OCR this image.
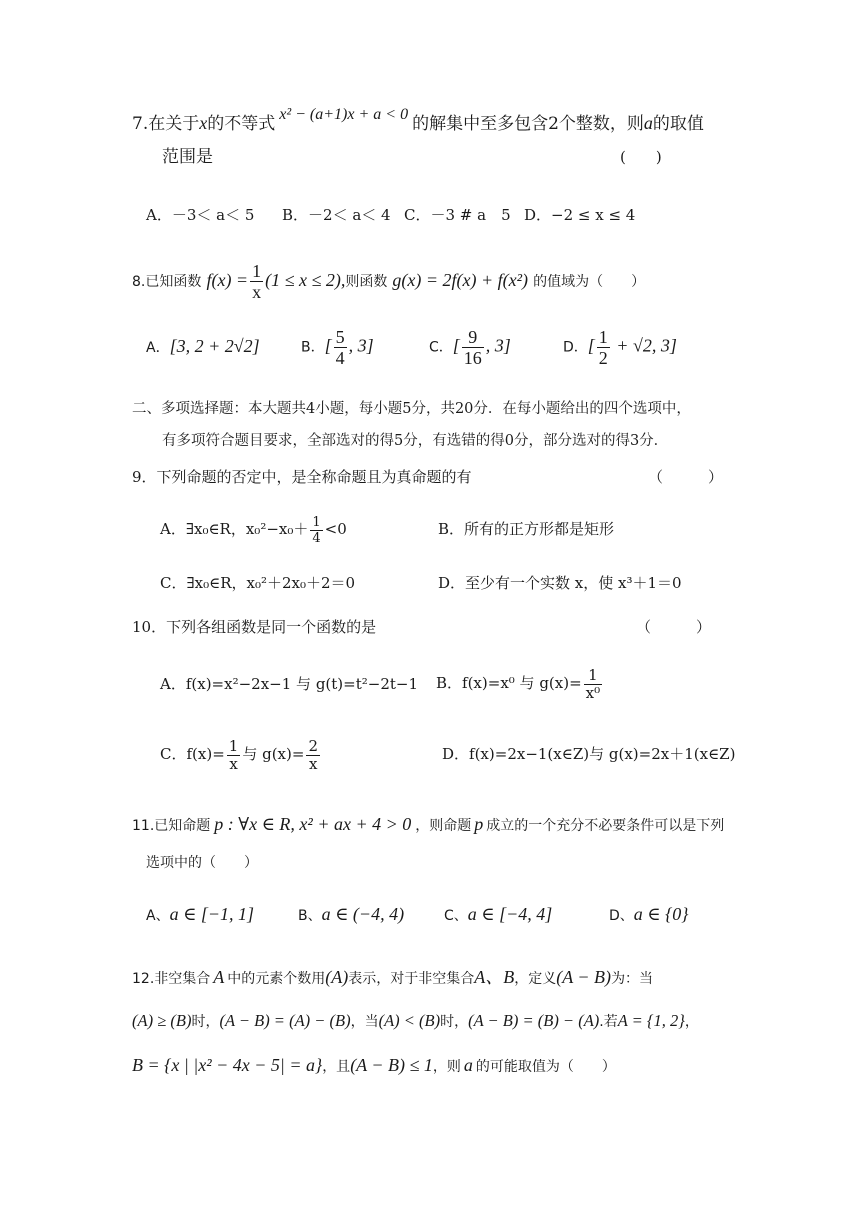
7.在关于x的不等式 x² − (a+1)x + a < 0 的解集中至多包含2个整数，则a的取值
范围是	(　　)
A．－3＜ a＜ 5 B．－2＜ a＜ 4 C．－3 # a　5 D．−2 ≤ x ≤ 4
8.已知函数 $f(x) = \frac{1}{x} (1 \le x \le 2)$,则函数 g(x) = 2f(x) + f(x²) 的值域为（　　）
A．[3, 2 + 2√2]	B．[ $\frac{5}{4}$ , 3]	C．[ $\frac{9}{16}$ , 3]	D．[ $\frac{1}{2} + √2$, 3]
二、多项选择题：本大题共4小题，每小题5分，共20分．在每小题给出的四个选项中，
有多项符合题目要求，全部选对的得5分，有选错的得0分，部分选对的得3分．
9．下列命题的否定中，是全称命题且为真命题的有	（　　　）
A．∃x₀∈R，$x_0^2-x_0+ \frac{1}{4} <0$	B．所有的正方形都是矩形
C．∃x₀∈R，x₀²＋2x₀＋2＝0	D．至少有一个实数 x，使 x³＋1＝0
10．下列各组函数是同一个函数的是	（　　　）
A．f(x)=x²−2x−1 与 g(t)=t²−2t−1 B．f(x)=x⁰ 与 $g(x)= \frac{1}{\text{x⁰}}$
C．$f(x)= \frac{1}{x}$ 与 $g(x)= \frac{2}{x}$	D．f(x)=2x−1(x∈Z)与 g(x)=2x＋1(x∈Z)
11.已知命题 p : ∀x ∈ R, x² + ax + 4 > 0 ，则命题 p 成立的一个充分不必要条件可以是下列
选项中的（　　）
A、a ∈ [−1, 1]	B、a ∈ (−4, 4)	C、a ∈ [−4, 4]	D、a ∈ {0}
12.非空集合 A 中的元素个数用(A)表示，对于非空集合A、B，定义(A − B)为：当
(A) ≥ (B)时，(A − B) = (A) − (B)，当(A) < (B)时，(A − B) = (B) − (A).若A = {1, 2}，
B = {x | |x² − 4x − 5| = a}，且(A − B) ≤ 1，则 a 的可能取值为（　　）
